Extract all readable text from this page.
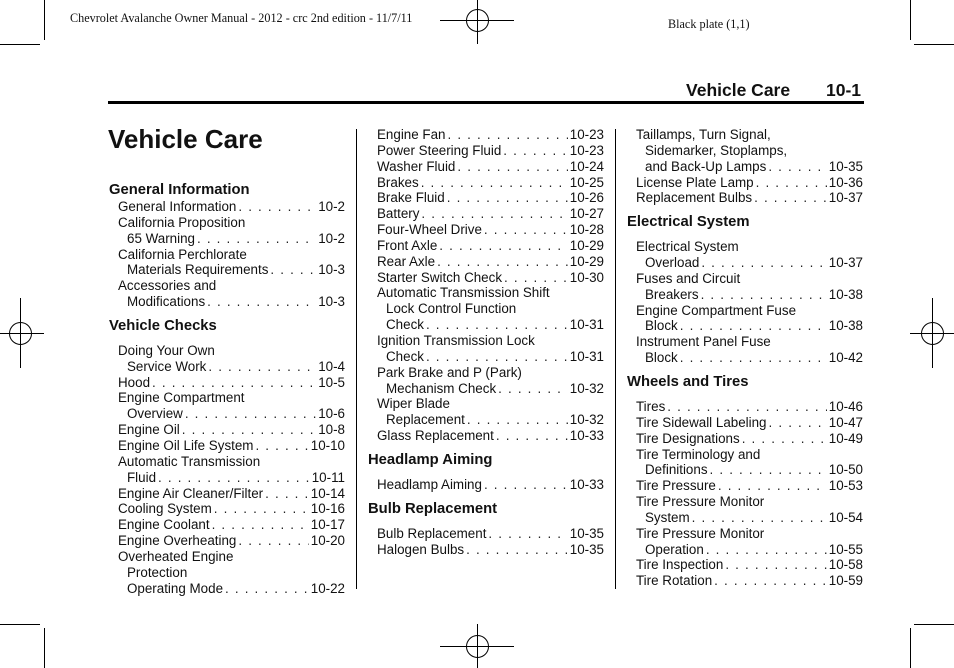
Chevrolet Avalanche Owner Manual - 2012 - crc 2nd edition - 11/7/11	Black plate (1,1)
Vehicle Care 10-1
Vehicle Care
General Information
General Information . . .	10-2
California Proposition
65 Warning . . .	10-2
California Perchlorate
Materials Requirements . . .	10-3
Accessories and
Modifications . . .	10-3
Vehicle Checks
Doing Your Own
Service Work . . .	10-4
Hood . . .	10-5
Engine Compartment
Overview . . .	10-6
Engine Oil . . .	10-8
Engine Oil Life System . . .	10-10
Automatic Transmission
Fluid . . .	10-11
Engine Air Cleaner/Filter . . .	10-14
Cooling System . . .	10-16
Engine Coolant . . .	10-17
Engine Overheating . . .	10-20
Overheated Engine
Protection
Operating Mode . . .	10-22
Engine Fan . . .	10-23
Power Steering Fluid . . .	10-23
Washer Fluid . . .	10-24
Brakes . . .	10-25
Brake Fluid . . .	10-26
Battery . . .	10-27
Four-Wheel Drive . . .	10-28
Front Axle . . .	10-29
Rear Axle . . .	10-29
Starter Switch Check . . .	10-30
Automatic Transmission Shift
Lock Control Function
Check . . .	10-31
Ignition Transmission Lock
Check . . .	10-31
Park Brake and P (Park)
Mechanism Check . . .	10-32
Wiper Blade
Replacement . . .	10-32
Glass Replacement . . .	10-33
Headlamp Aiming
Headlamp Aiming . . .	10-33
Bulb Replacement
Bulb Replacement . . .	10-35
Halogen Bulbs . . .	10-35
Taillamps, Turn Signal,
Sidemarker, Stoplamps,
and Back-Up Lamps . . .	10-35
License Plate Lamp . . .	10-36
Replacement Bulbs . . .	10-37
Electrical System
Electrical System
Overload . . .	10-37
Fuses and Circuit
Breakers . . .	10-38
Engine Compartment Fuse
Block . . .	10-38
Instrument Panel Fuse
Block . . .	10-42
Wheels and Tires
Tires . . .	10-46
Tire Sidewall Labeling . . .	10-47
Tire Designations . . .	10-49
Tire Terminology and
Definitions . . .	10-50
Tire Pressure . . .	10-53
Tire Pressure Monitor
System . . .	10-54
Tire Pressure Monitor
Operation . . .	10-55
Tire Inspection . . .	10-58
Tire Rotation . . .	10-59
